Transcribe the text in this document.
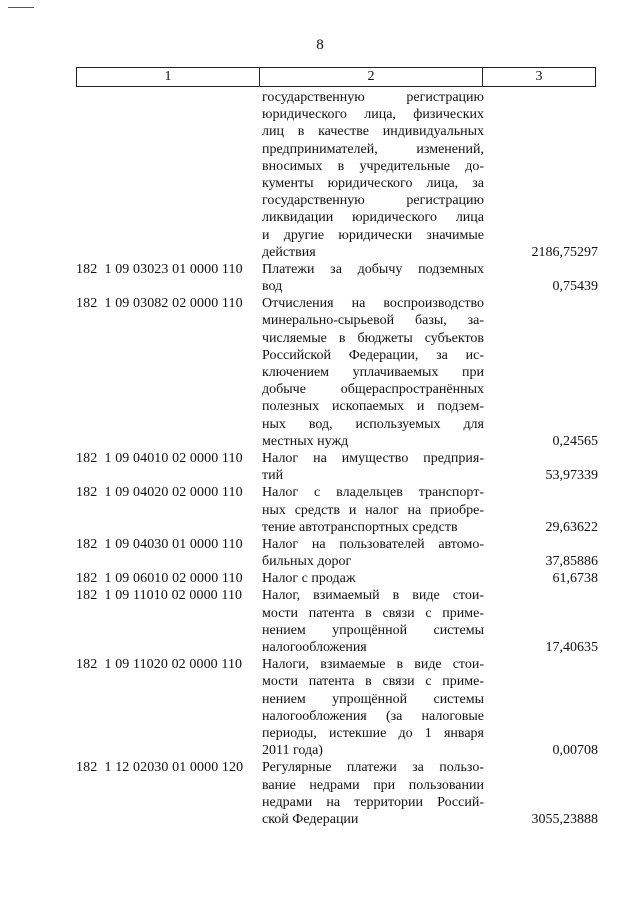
8
1	2	3
государственную регистрацию
юридического лица, физических
лиц в качестве индивидуальных
предпринимателей, изменений,
вносимых в учредительные до-
кументы юридического лица, за
государственную регистрацию
ликвидации юридического лица
и другие юридически значимые
действия	2186,75297
182  1 09 03023 01 0000 110	Платежи за добычу подземных
вод	0,75439
182  1 09 03082 02 0000 110	Отчисления на воспроизводство
минерально-сырьевой базы, за-
числяемые в бюджеты субъектов
Российской Федерации, за ис-
ключением уплачиваемых при
добыче общераспространённых
полезных ископаемых и подзем-
ных вод, используемых для
местных нужд	0,24565
182  1 09 04010 02 0000 110	Налог на имущество предприя-
тий	53,97339
182  1 09 04020 02 0000 110	Налог с владельцев транспорт-
ных средств и налог на приобре-
тение автотранспортных средств	29,63622
182  1 09 04030 01 0000 110	Налог на пользователей автомо-
бильных дорог	37,85886
182  1 09 06010 02 0000 110	Налог с продаж	61,6738
182  1 09 11010 02 0000 110	Налог, взимаемый в виде стои-
мости патента в связи с приме-
нением упрощённой системы
налогообложения	17,40635
182  1 09 11020 02 0000 110	Налоги, взимаемые в виде стои-
мости патента в связи с приме-
нением упрощённой системы
налогообложения (за налоговые
периоды, истекшие до 1 января
2011 года)	0,00708
182  1 12 02030 01 0000 120	Регулярные платежи за пользо-
вание недрами при пользовании
недрами на территории Россий-
ской Федерации	3055,23888
